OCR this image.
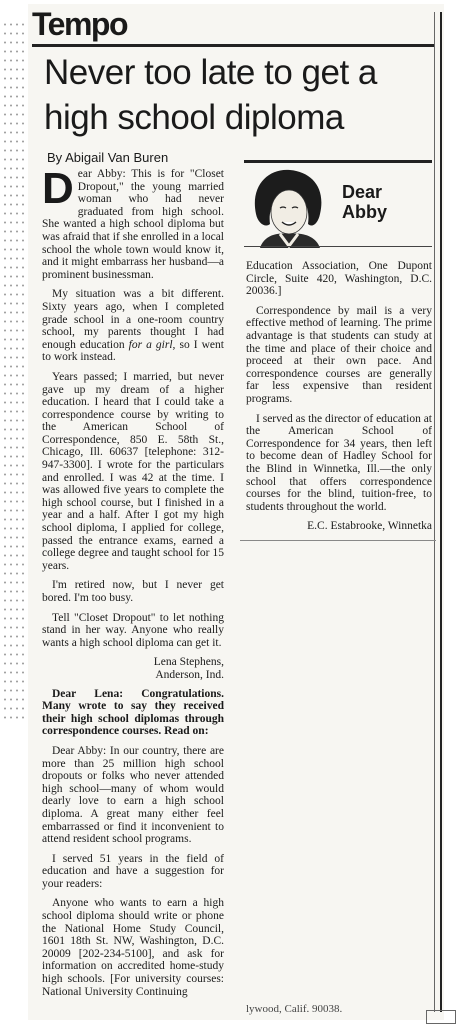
Tempo
Never too late to get a high school diploma
By Abigail Van Buren
Dear Abby

Dear Abby: This is for "Closet Dropout," the young married woman who had never graduated from high school. She wanted a high school diploma but was afraid that if she enrolled in a local school the whole town would know it, and it might embarrass her husband—a prominent businessman.

My situation was a bit different. Sixty years ago, when I completed grade school in a one-room country school, my parents thought I had enough education for a girl, so I went to work instead.

Years passed; I married, but never gave up my dream of a higher education. I heard that I could take a correspondence course by writing to the American School of Correspondence, 850 E. 58th St., Chicago, Ill. 60637 [telephone: 312-947-3300]. I wrote for the particulars and enrolled. I was 42 at the time. I was allowed five years to complete the high school course, but I finished in a year and a half. After I got my high school diploma, I applied for college, passed the entrance exams, earned a college degree and taught school for 15 years.

I'm retired now, but I never get bored. I'm too busy.

Tell "Closet Dropout" to let nothing stand in her way. Anyone who really wants a high school diploma can get it.

Lena Stephens,
Anderson, Ind.

Dear Lena: Congratulations. Many wrote to say they received their high school diplomas through correspondence courses. Read on:

Dear Abby: In our country, there are more than 25 million high school dropouts or folks who never attended high school—many of whom would dearly love to earn a high school diploma. A great many either feel embarrassed or find it inconvenient to attend resident school programs.

I served 51 years in the field of education and have a suggestion for your readers:

Anyone who wants to earn a high school diploma should write or phone the National Home Study Council, 1601 18th St. NW, Washington, D.C. 20009 [202-234-5100], and ask for information on accredited home-study high schools. [For university courses: National University Continuing

Education Association, One Dupont Circle, Suite 420, Washington, D.C. 20036.]

Correspondence by mail is a very effective method of learning. The prime advantage is that students can study at the time and place of their choice and proceed at their own pace. And correspondence courses are generally far less expensive than resident programs.

I served as the director of education at the American School of Correspondence for 34 years, then left to become dean of Hadley School for the Blind in Winnetka, Ill.—the only school that offers correspondence courses for the blind, tuition-free, to students throughout the world.

E.C. Estabrooke, Winnetka

lywood, Calif. 90038.
